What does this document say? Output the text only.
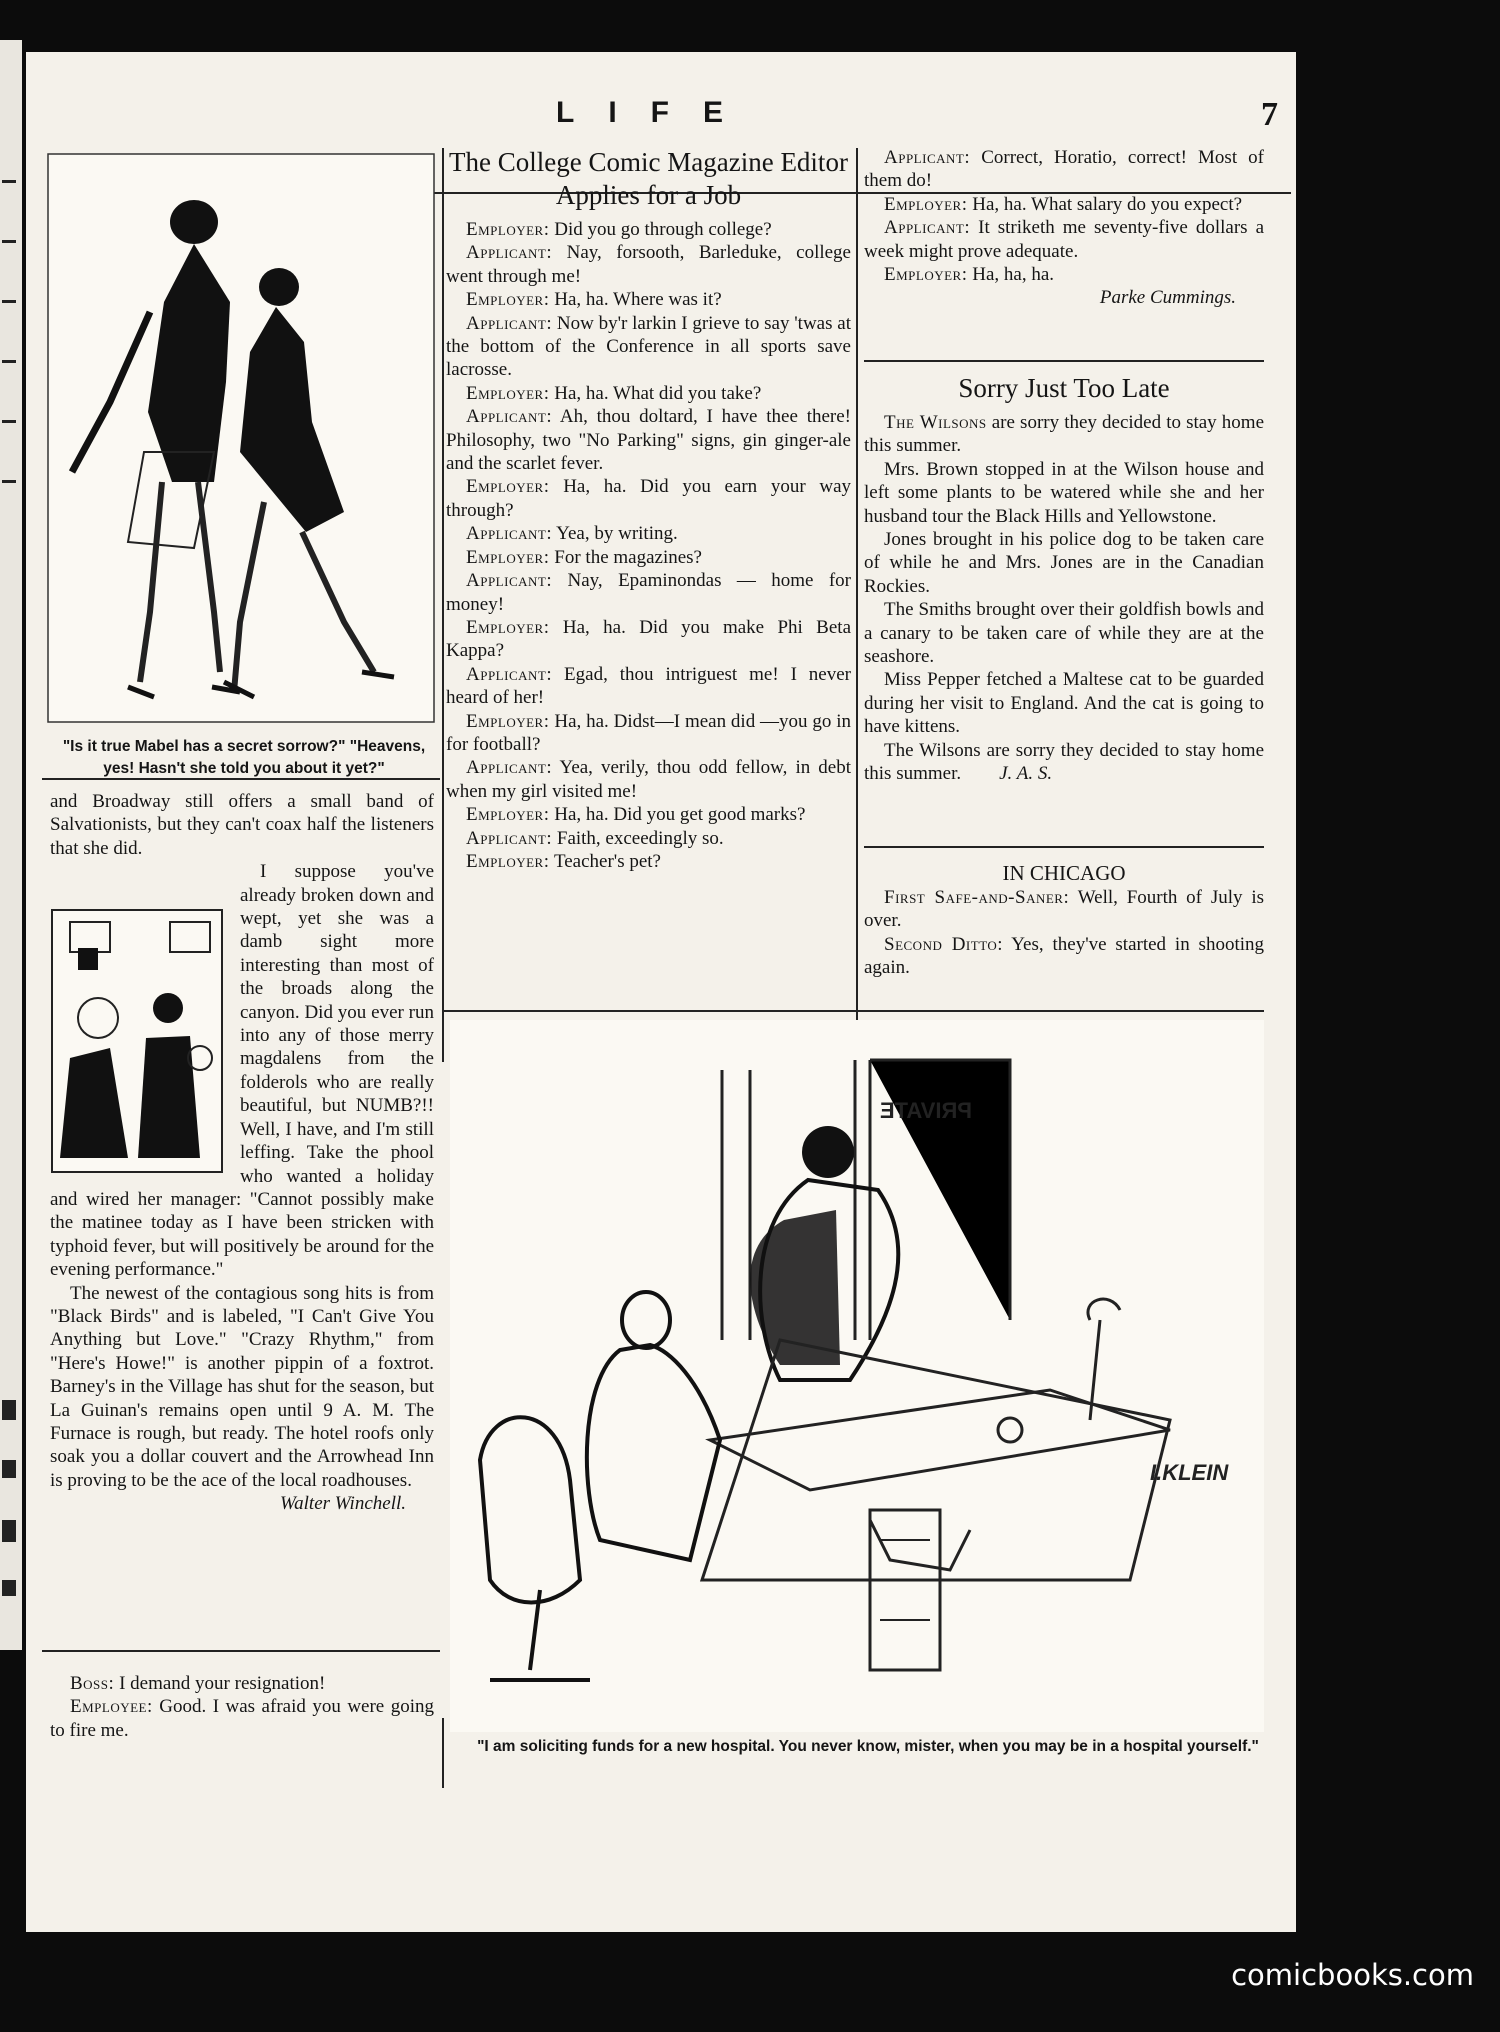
LIFE	7
"Is it true Mabel has a secret sorrow?" "Heavens, yes! Hasn't she told you about it yet?"

and Broadway still offers a small band of Salvationists, but they can't coax half the listeners that she did.

I suppose you've already broken down and wept, yet she was a damb sight more interesting than most of the broads along the canyon. Did you ever run into any of those merry magdalens from the folderols who are really beautiful, but NUMB?!! Well, I have, and I'm still leffing. Take the phool who wanted a holiday and wired her manager: "Cannot possibly make the matinee today as I have been stricken with typhoid fever, but will positively be around for the evening performance."

The newest of the contagious song hits is from "Black Birds" and is labeled, "I Can't Give You Anything but Love." "Crazy Rhythm," from "Here's Howe!" is another pippin of a foxtrot. Barney's in the Village has shut for the season, but La Guinan's remains open until 9 A. M. The Furnace is rough, but ready. The hotel roofs only soak you a dollar couvert and the Arrowhead Inn is proving to be the ace of the local roadhouses.

Walter Winchell.

Boss: I demand your resignation!

Employee: Good. I was afraid you were going to fire me.

The College Comic Magazine Editor Applies for a Job

Employer: Did you go through college?

Applicant: Nay, forsooth, Barleduke, college went through me!

Employer: Ha, ha. Where was it?

Applicant: Now by'r larkin I grieve to say 'twas at the bottom of the Conference in all sports save lacrosse.

Employer: Ha, ha. What did you take?

Applicant: Ah, thou doltard, I have thee there! Philosophy, two "No Parking" signs, gin ginger-ale and the scarlet fever.

Employer: Ha, ha. Did you earn your way through?

Applicant: Yea, by writing.

Employer: For the magazines?

Applicant: Nay, Epaminondas — home for money!

Employer: Ha, ha. Did you make Phi Beta Kappa?

Applicant: Egad, thou intriguest me! I never heard of her!

Employer: Ha, ha. Didst—I mean did —you go in for football?

Applicant: Yea, verily, thou odd fellow, in debt when my girl visited me!

Employer: Ha, ha. Did you get good marks?

Applicant: Faith, exceedingly so.

Employer: Teacher's pet?

Applicant: Correct, Horatio, correct! Most of them do!

Employer: Ha, ha. What salary do you expect?

Applicant: It striketh me seventy-five dollars a week might prove adequate.

Employer: Ha, ha, ha.

Parke Cummings.

Sorry Just Too Late

The Wilsons are sorry they decided to stay home this summer.

Mrs. Brown stopped in at the Wilson house and left some plants to be watered while she and her husband tour the Black Hills and Yellowstone.

Jones brought in his police dog to be taken care of while he and Mrs. Jones are in the Canadian Rockies.

The Smiths brought over their goldfish bowls and a canary to be taken care of while they are at the seashore.

Miss Pepper fetched a Maltese cat to be guarded during her visit to England. And the cat is going to have kittens.

The Wilsons are sorry they decided to stay home this summer. J. A. S.

IN CHICAGO

First Safe-and-Saner: Well, Fourth of July is over.

Second Ditto: Yes, they've started in shooting again.

PRIVATE
I.KLEIN
"I am soliciting funds for a new hospital. You never know, mister, when you may be in a hospital yourself."
comicbooks.com
